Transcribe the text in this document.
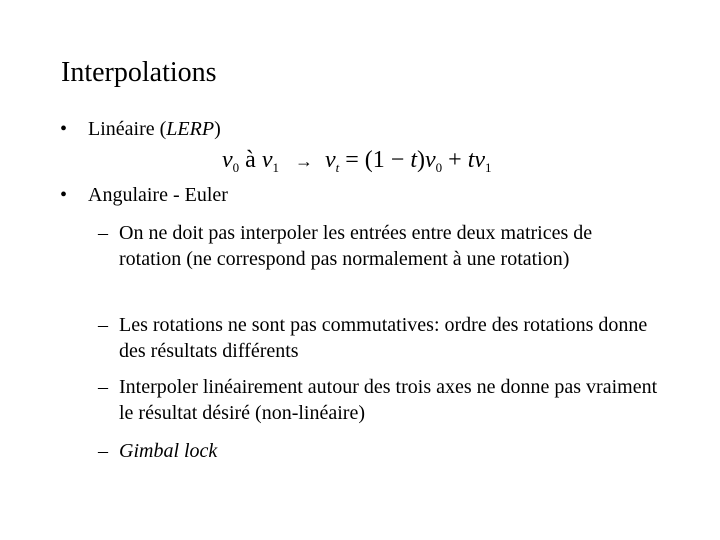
Interpolations
• Linéaire (LERP)
$v_0$ à $v_1 \to v_t = (1 - t)v_0 + tv_1$
• Angulaire - Euler
– On ne doit pas interpoler les entrées entre deux matrices de rotation (ne correspond pas normalement à une rotation)
– Les rotations ne sont pas commutatives: ordre des rotations donne des résultats différents
– Interpoler linéairement autour des trois axes ne donne pas vraiment le résultat désiré (non-linéaire)
– Gimbal lock
